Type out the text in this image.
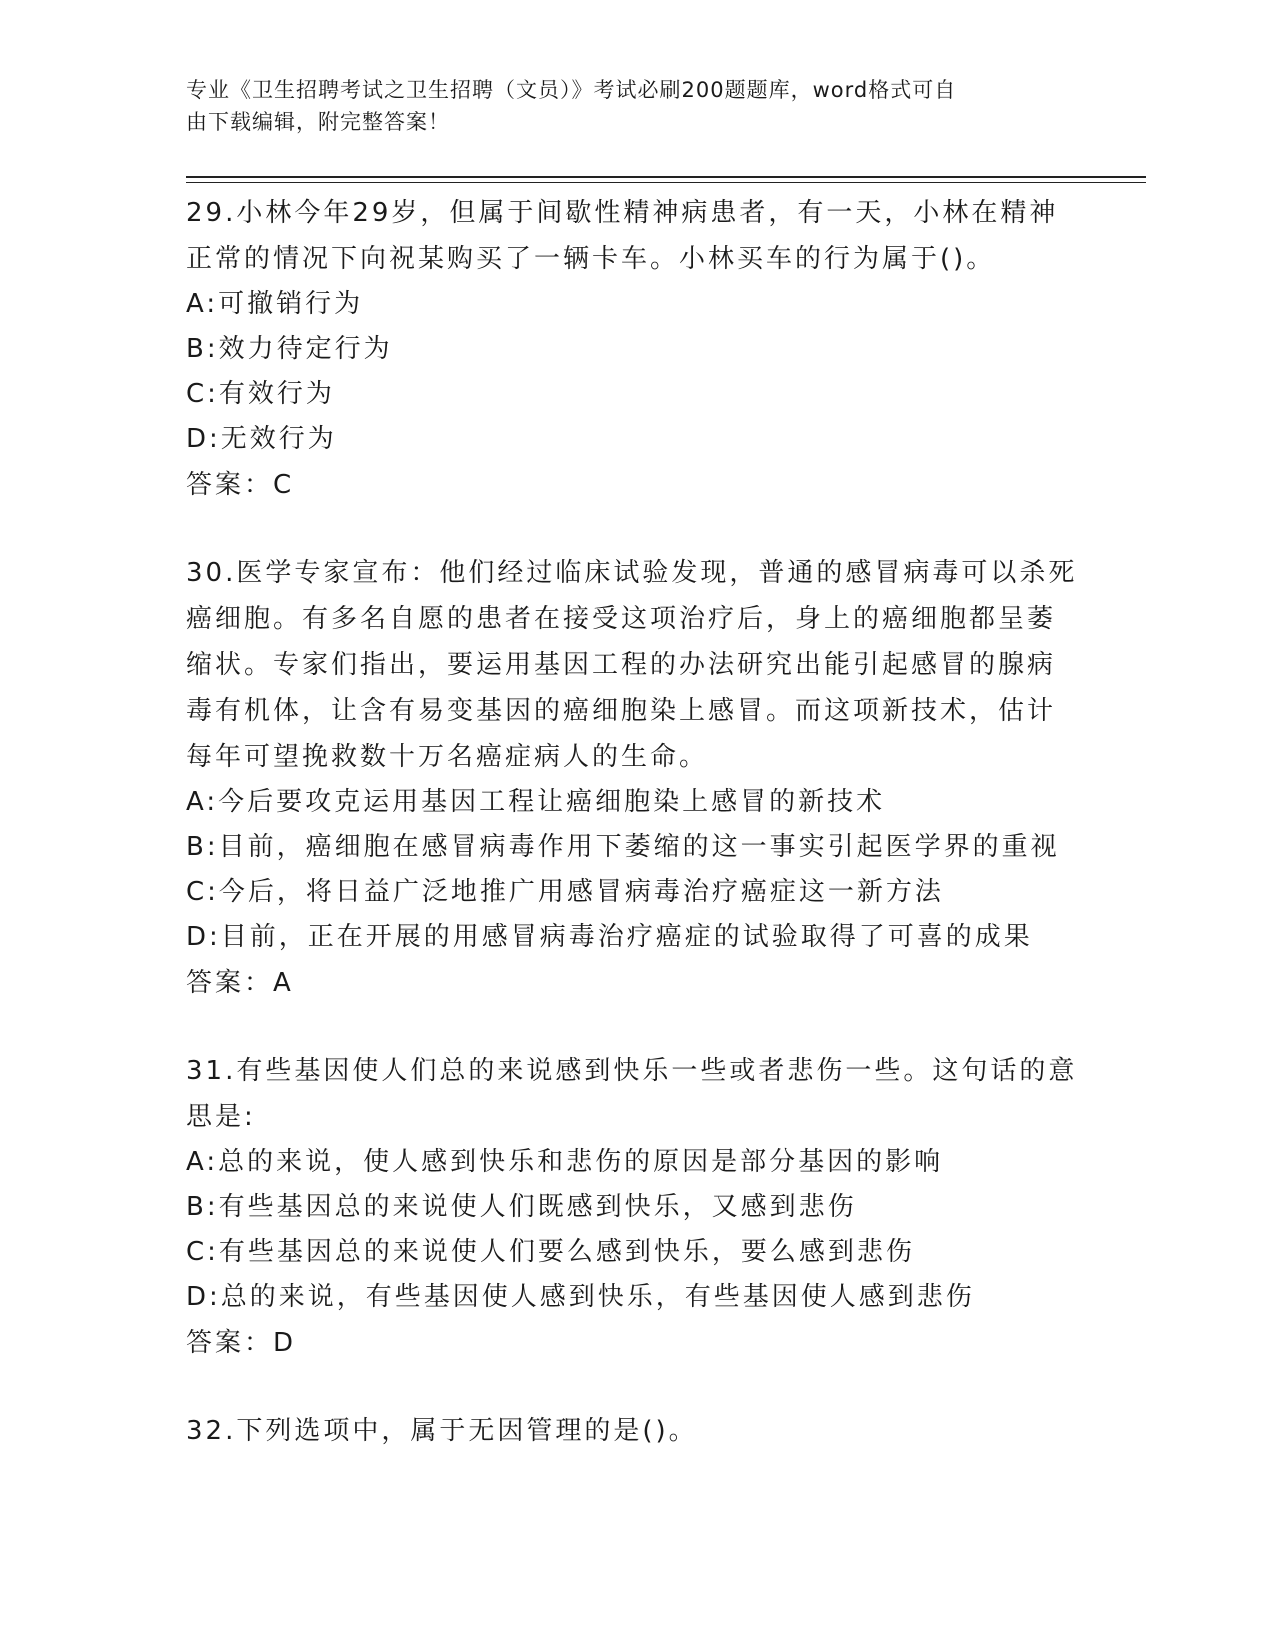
专业《卫生招聘考试之卫生招聘（文员）》考试必刷200题题库，word格式可自
由下载编辑，附完整答案！

29.小林今年29岁，但属于间歇性精神病患者，有一天，小林在精神

正常的情况下向祝某购买了一辆卡车。小林买车的行为属于()。

A:可撤销行为

B:效力待定行为

C:有效行为

D:无效行为

答案：C

30.医学专家宣布：他们经过临床试验发现，普通的感冒病毒可以杀死

癌细胞。有多名自愿的患者在接受这项治疗后，身上的癌细胞都呈萎

缩状。专家们指出，要运用基因工程的办法研究出能引起感冒的腺病

毒有机体，让含有易变基因的癌细胞染上感冒。而这项新技术，估计

每年可望挽救数十万名癌症病人的生命。

A:今后要攻克运用基因工程让癌细胞染上感冒的新技术

B:目前，癌细胞在感冒病毒作用下萎缩的这一事实引起医学界的重视

C:今后，将日益广泛地推广用感冒病毒治疗癌症这一新方法

D:目前，正在开展的用感冒病毒治疗癌症的试验取得了可喜的成果

答案：A

31.有些基因使人们总的来说感到快乐一些或者悲伤一些。这句话的意

思是:

A:总的来说，使人感到快乐和悲伤的原因是部分基因的影响

B:有些基因总的来说使人们既感到快乐，又感到悲伤

C:有些基因总的来说使人们要么感到快乐，要么感到悲伤

D:总的来说，有些基因使人感到快乐，有些基因使人感到悲伤

答案：D

32.下列选项中，属于无因管理的是()。
